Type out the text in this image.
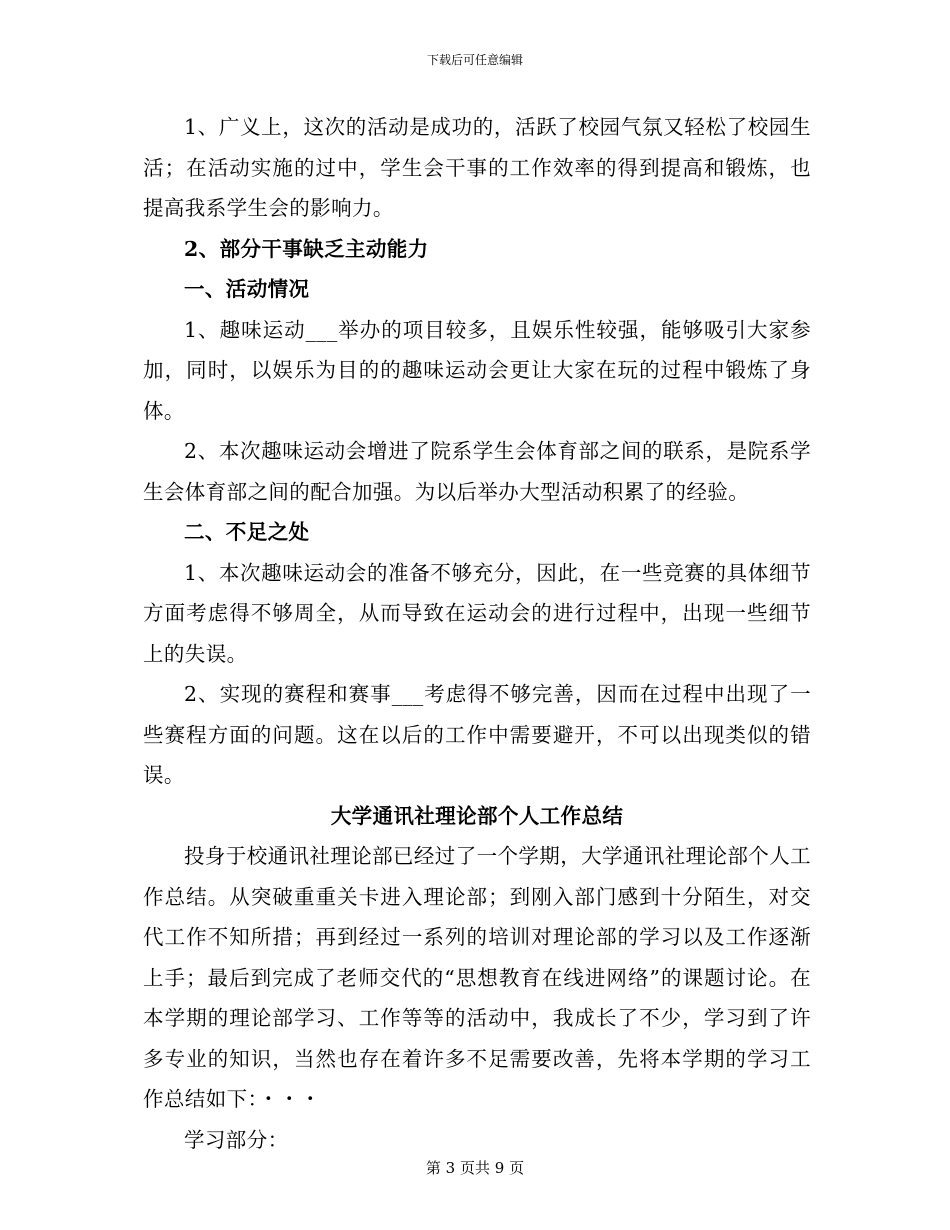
下载后可任意编辑

1、广义上，这次的活动是成功的，活跃了校园气氛又轻松了校园生活；在活动实施的过中，学生会干事的工作效率的得到提高和锻炼，也提高我系学生会的影响力。

2、部分干事缺乏主动能力

一、活动情况

1、趣味运动___举办的项目较多，且娱乐性较强，能够吸引大家参加，同时，以娱乐为目的的趣味运动会更让大家在玩的过程中锻炼了身体。

2、本次趣味运动会增进了院系学生会体育部之间的联系，是院系学生会体育部之间的配合加强。为以后举办大型活动积累了的经验。

二、不足之处

1、本次趣味运动会的准备不够充分，因此，在一些竞赛的具体细节方面考虑得不够周全，从而导致在运动会的进行过程中，出现一些细节上的失误。

2、实现的赛程和赛事___考虑得不够完善，因而在过程中出现了一些赛程方面的问题。这在以后的工作中需要避开，不可以出现类似的错误。

大学通讯社理论部个人工作总结

投身于校通讯社理论部已经过了一个学期，大学通讯社理论部个人工作总结。从突破重重关卡进入理论部；到刚入部门感到十分陌生，对交代工作不知所措；再到经过一系列的培训对理论部的学习以及工作逐渐上手；最后到完成了老师交代的“思想教育在线进网络”的课题讨论。在本学期的理论部学习、工作等等的活动中，我成长了不少，学习到了许多专业的知识，当然也存在着许多不足需要改善，先将本学期的学习工作总结如下：・・・

学习部分：

第 3 页共 9 页
